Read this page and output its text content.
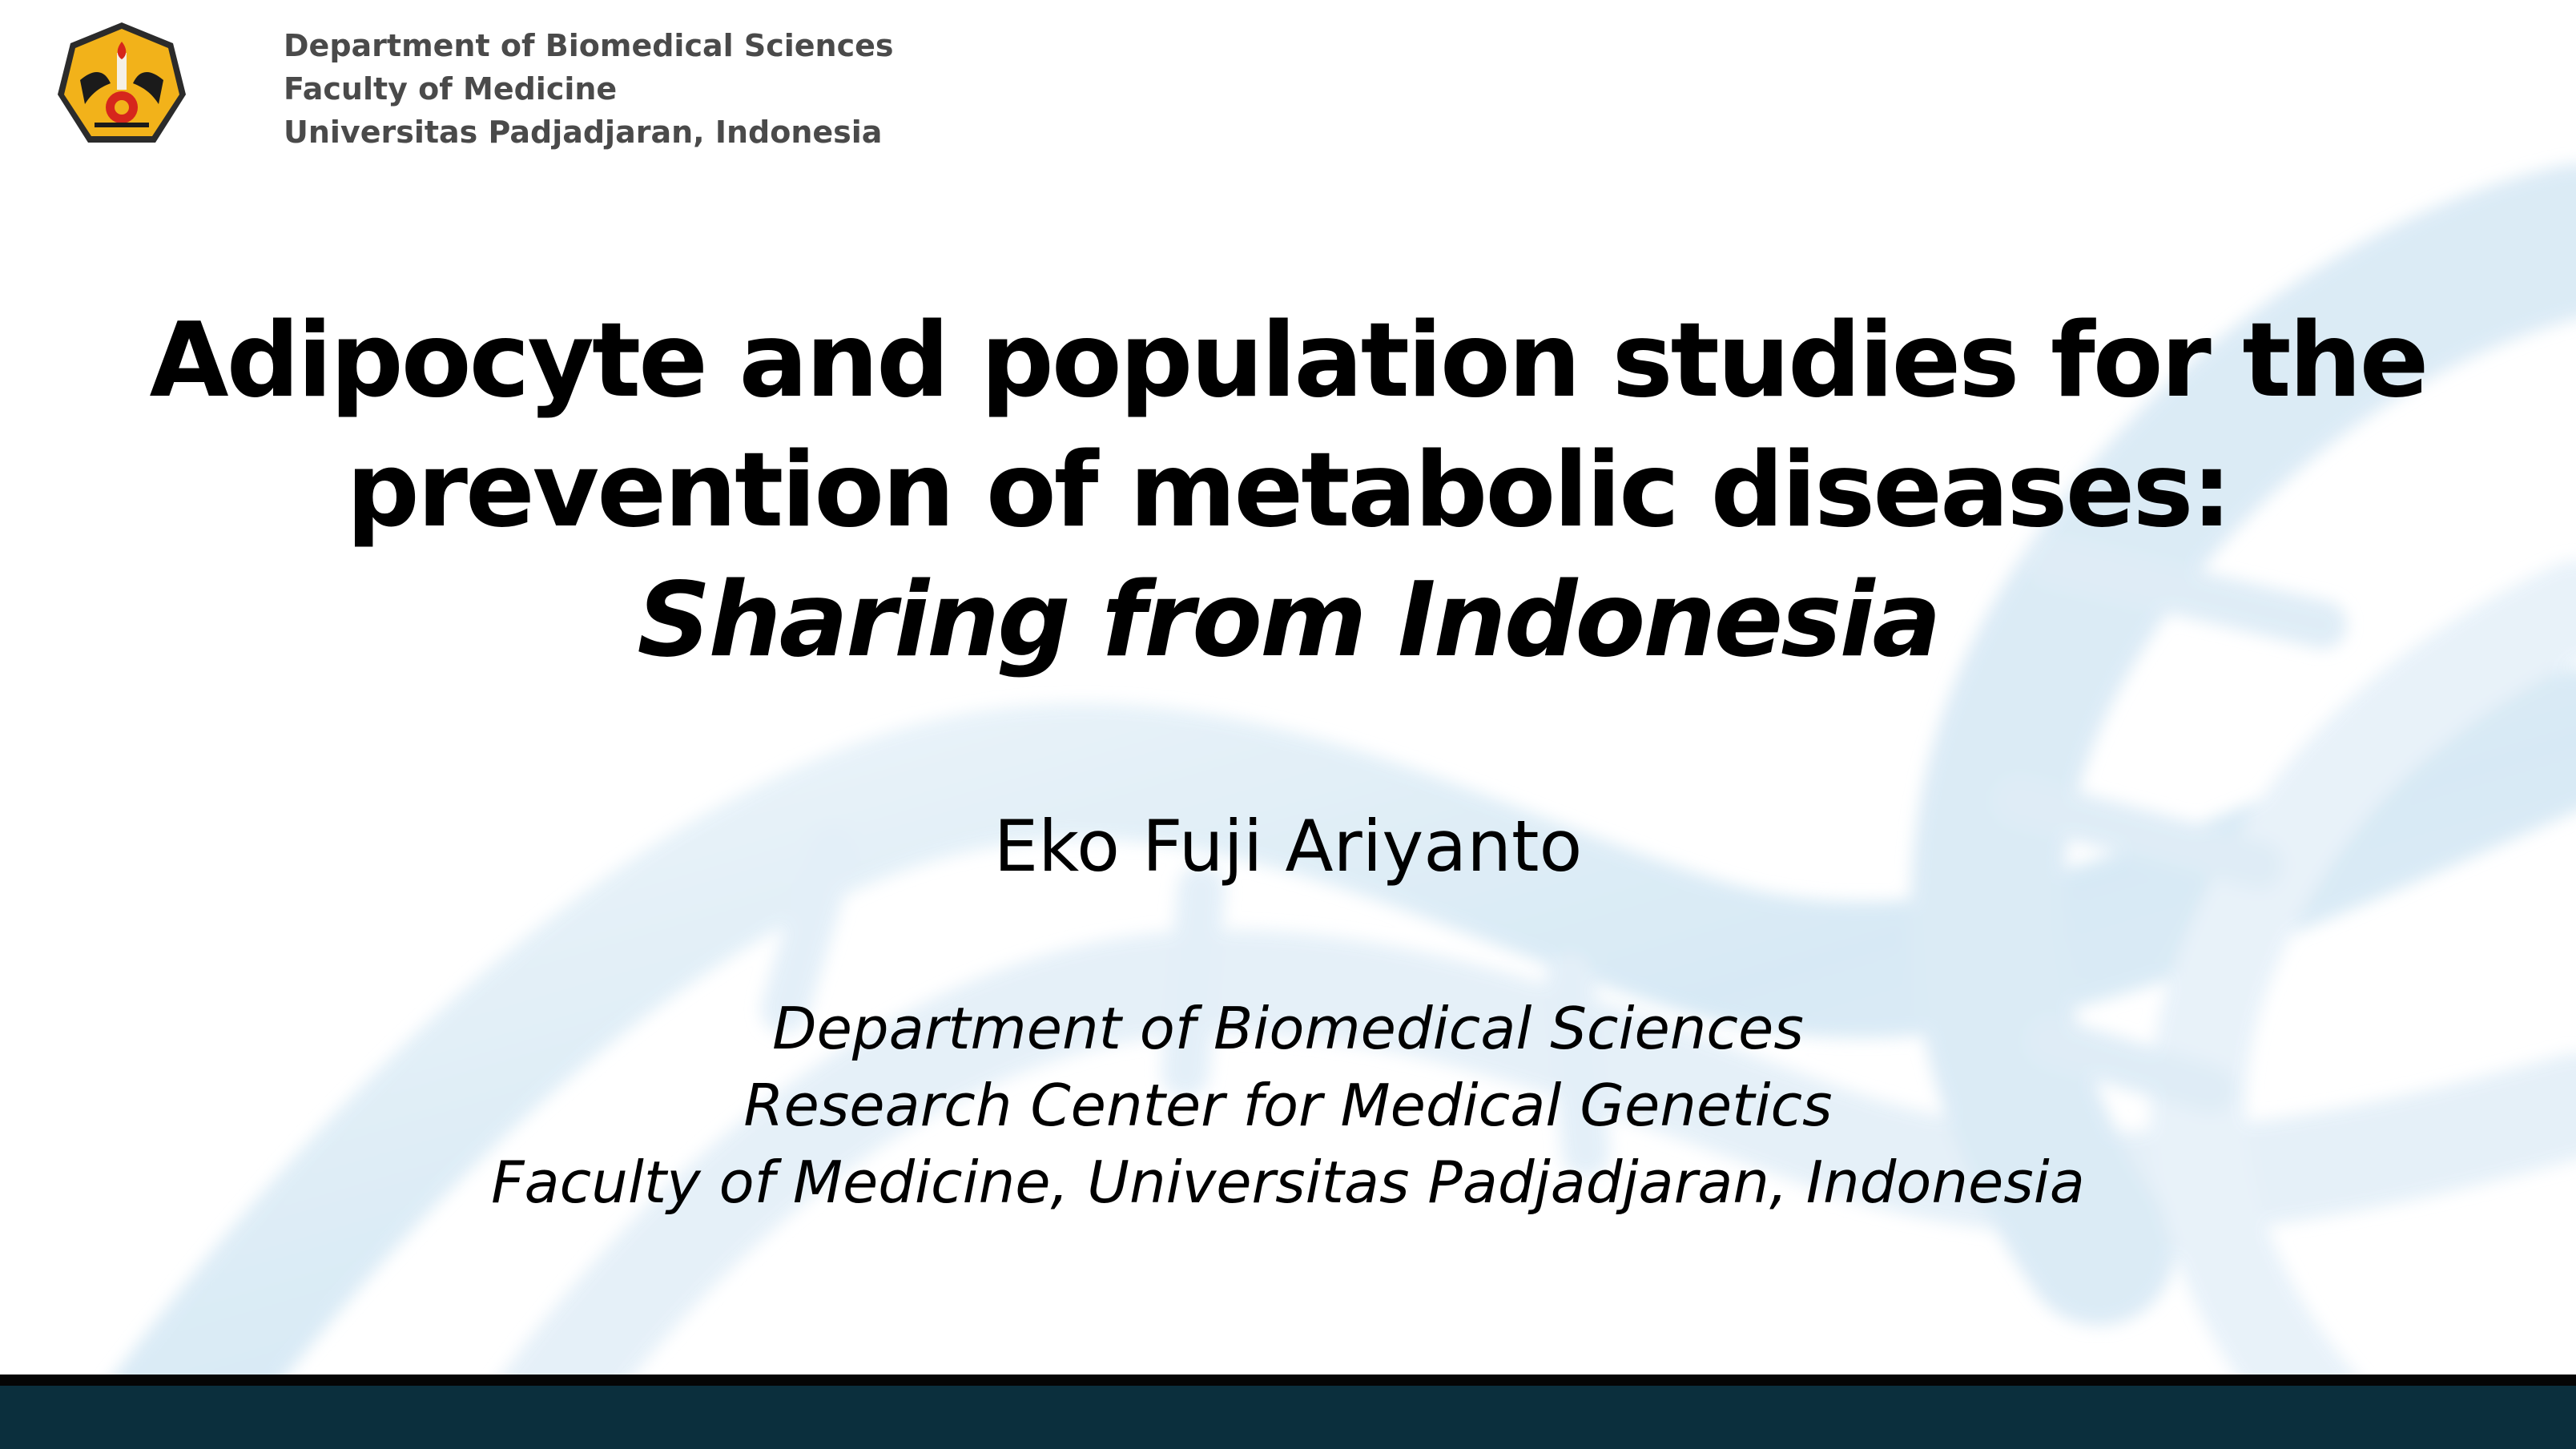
Department of Biomedical Sciences
Faculty of Medicine
Universitas Padjadjaran, Indonesia
Adipocyte and population studies for the
prevention of metabolic diseases:
Sharing from Indonesia
Eko Fuji Ariyanto
Department of Biomedical Sciences
Research Center for Medical Genetics
Faculty of Medicine, Universitas Padjadjaran, Indonesia
